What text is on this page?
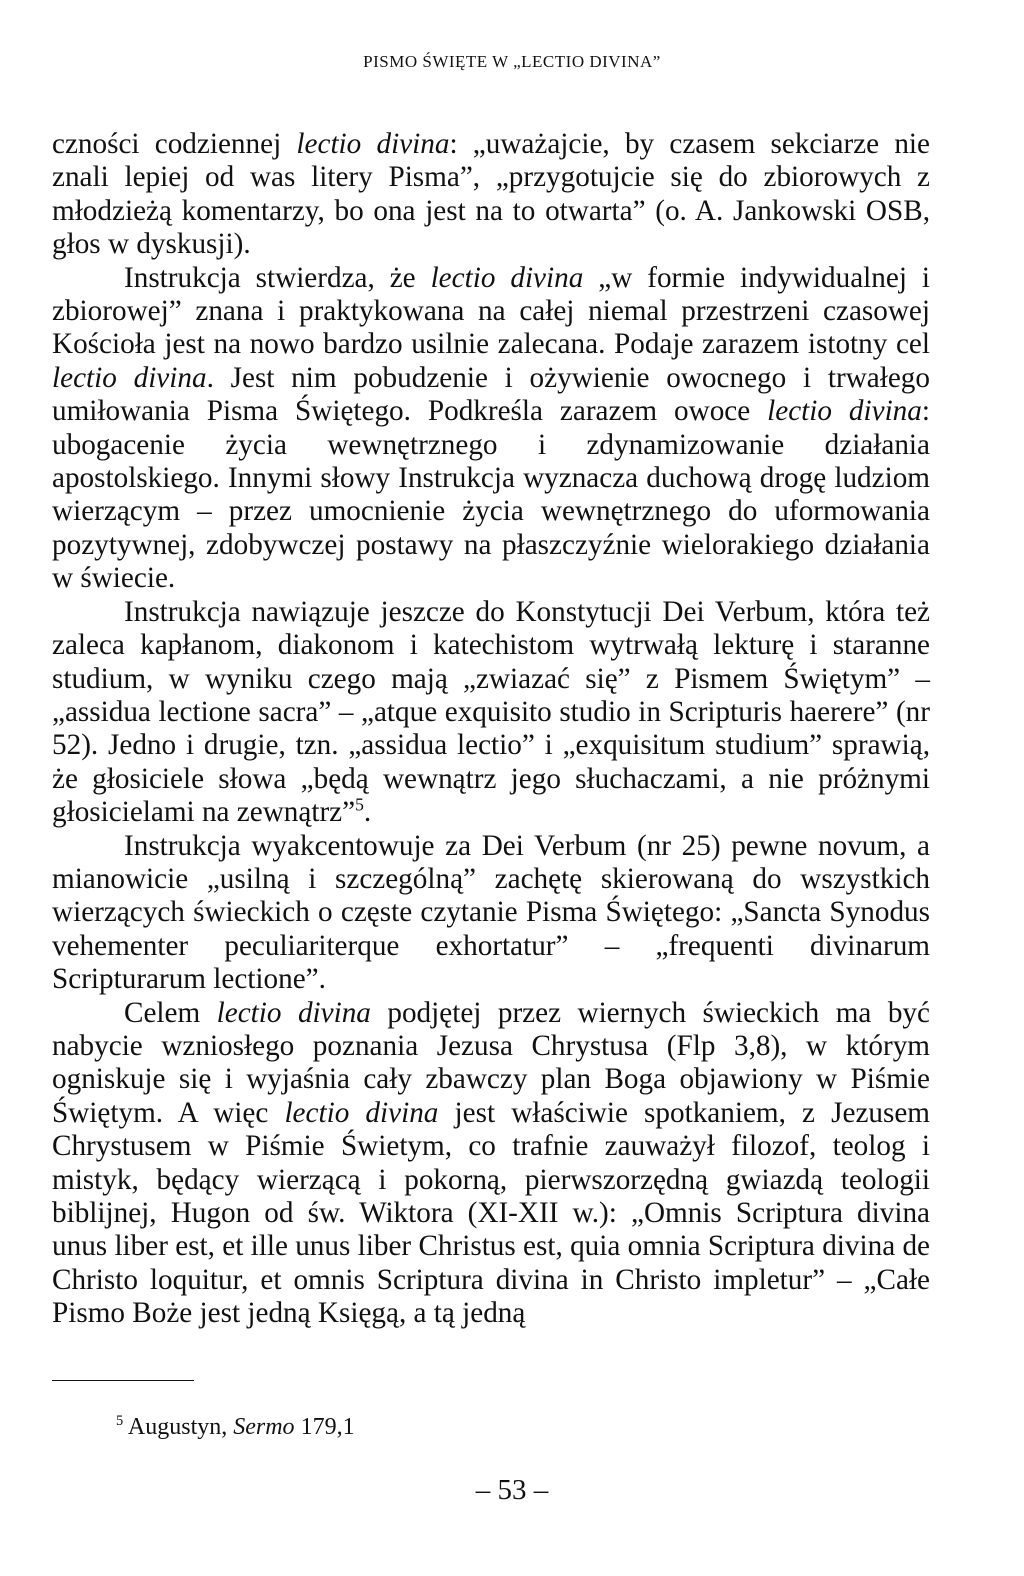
PISMO ŚWIĘTE W „LECTIO DIVINA”

czności codziennej lectio divina: „uważajcie, by czasem sekciarze nie znali lepiej od was litery Pisma”, „przygotujcie się do zbiorowych z młodzieżą komentarzy, bo ona jest na to otwarta” (o. A. Jankowski OSB, głos w dyskusji).

Instrukcja stwierdza, że lectio divina „w formie indywidualnej i zbiorowej” znana i praktykowana na całej niemal przestrzeni czasowej Kościoła jest na nowo bardzo usilnie zalecana. Podaje zarazem istotny cel lectio divina. Jest nim pobudzenie i ożywienie owocnego i trwałego umiłowania Pisma Świętego. Podkreśla zarazem owoce lectio divina: ubogacenie życia wewnętrznego i zdynamizowanie działania apostolskiego. Innymi słowy Instrukcja wyznacza duchową drogę ludziom wierzącym – przez umocnienie życia wewnętrznego do uformowania pozytywnej, zdobywczej postawy na płaszczyźnie wielorakiego działania w świecie.

Instrukcja nawiązuje jeszcze do Konstytucji Dei Verbum, która też zaleca kapłanom, diakonom i katechistom wytrwałą lekturę i staranne studium, w wyniku czego mają „zwiazać się” z Pismem Świętym” – „assidua lectione sacra” – „atque exquisito studio in Scripturis haerere” (nr 52). Jedno i drugie, tzn. „assidua lectio” i „exquisitum studium” sprawią, że głosiciele słowa „będą wewnątrz jego słuchaczami, a nie próżnymi głosicielami na zewnątrz”$^5$.

Instrukcja wyakcentowuje za Dei Verbum (nr 25) pewne novum, a mianowicie „usilną i szczególną” zachętę skierowaną do wszystkich wierzących świeckich o częste czytanie Pisma Świętego: „Sancta Synodus vehementer peculiariterque exhortatur” – „frequenti divinarum Scripturarum lectione”.

Celem lectio divina podjętej przez wiernych świeckich ma być nabycie wzniosłego poznania Jezusa Chrystusa (Flp 3,8), w którym ogniskuje się i wyjaśnia cały zbawczy plan Boga objawiony w Piśmie Świętym. A więc lectio divina jest właściwie spotkaniem, z Jezusem Chrystusem w Piśmie Świetym, co trafnie zauważył filozof, teolog i mistyk, będący wierzącą i pokorną, pierwszorzędną gwiazdą teologii biblijnej, Hugon od św. Wiktora (XI-XII w.): „Omnis Scriptura divina unus liber est, et ille unus liber Christus est, quia omnia Scriptura divina de Christo loquitur, et omnis Scriptura divina in Christo impletur” – „Całe Pismo Boże jest jedną Księgą, a tą jedną

$^5$ Augustyn, Sermo 179,1
– 53 –
